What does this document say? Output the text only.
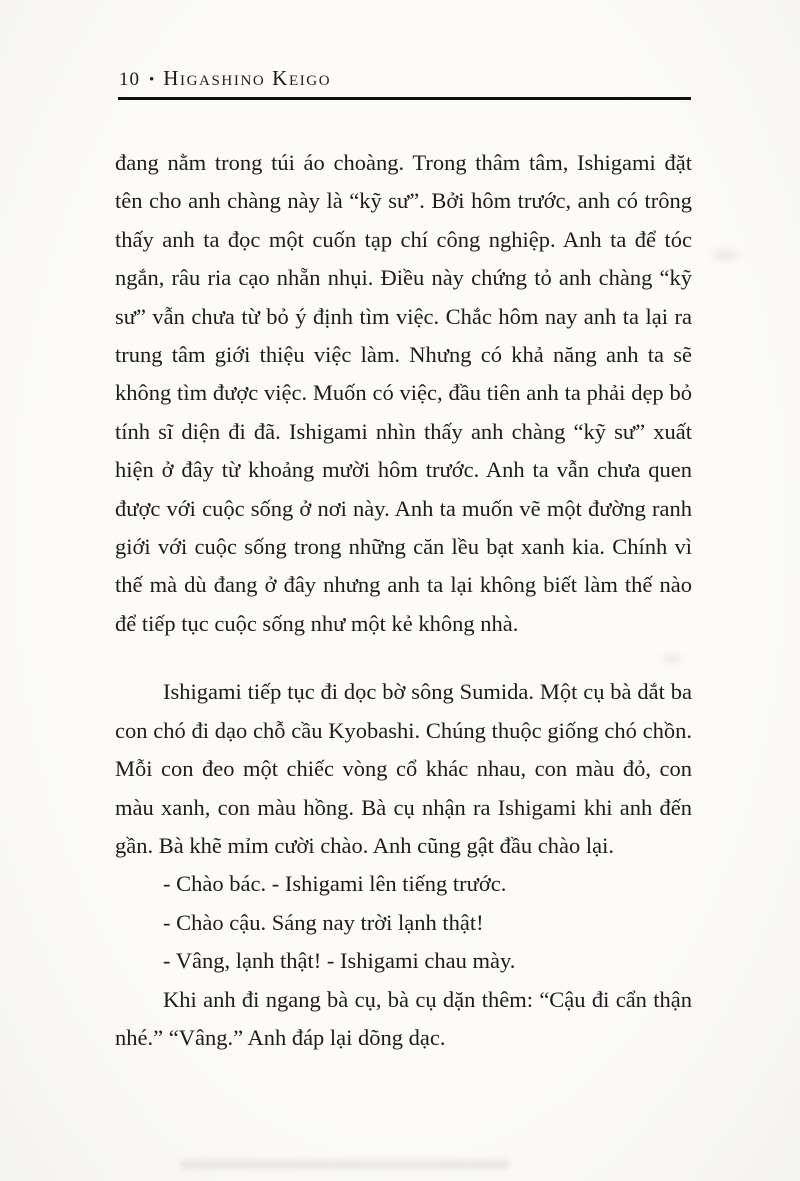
10 • Higashino Keigo

đang nằm trong túi áo choàng. Trong thâm tâm, Ishigami đặt tên cho anh chàng này là “kỹ sư”. Bởi hôm trước, anh có trông thấy anh ta đọc một cuốn tạp chí công nghiệp. Anh ta để tóc ngắn, râu ria cạo nhẵn nhụi. Điều này chứng tỏ anh chàng “kỹ sư” vẫn chưa từ bỏ ý định tìm việc. Chắc hôm nay anh ta lại ra trung tâm giới thiệu việc làm. Nhưng có khả năng anh ta sẽ không tìm được việc. Muốn có việc, đầu tiên anh ta phải dẹp bỏ tính sĩ diện đi đã. Ishigami nhìn thấy anh chàng “kỹ sư” xuất hiện ở đây từ khoảng mười hôm trước. Anh ta vẫn chưa quen được với cuộc sống ở nơi này. Anh ta muốn vẽ một đường ranh giới với cuộc sống trong những căn lều bạt xanh kia. Chính vì thế mà dù đang ở đây nhưng anh ta lại không biết làm thế nào để tiếp tục cuộc sống như một kẻ không nhà.

Ishigami tiếp tục đi dọc bờ sông Sumida. Một cụ bà dắt ba con chó đi dạo chỗ cầu Kyobashi. Chúng thuộc giống chó chồn. Mỗi con đeo một chiếc vòng cổ khác nhau, con màu đỏ, con màu xanh, con màu hồng. Bà cụ nhận ra Ishigami khi anh đến gần. Bà khẽ mỉm cười chào. Anh cũng gật đầu chào lại.

- Chào bác. - Ishigami lên tiếng trước.

- Chào cậu. Sáng nay trời lạnh thật!

- Vâng, lạnh thật! - Ishigami chau mày.

Khi anh đi ngang bà cụ, bà cụ dặn thêm: “Cậu đi cẩn thận nhé.” “Vâng.” Anh đáp lại dõng dạc.
